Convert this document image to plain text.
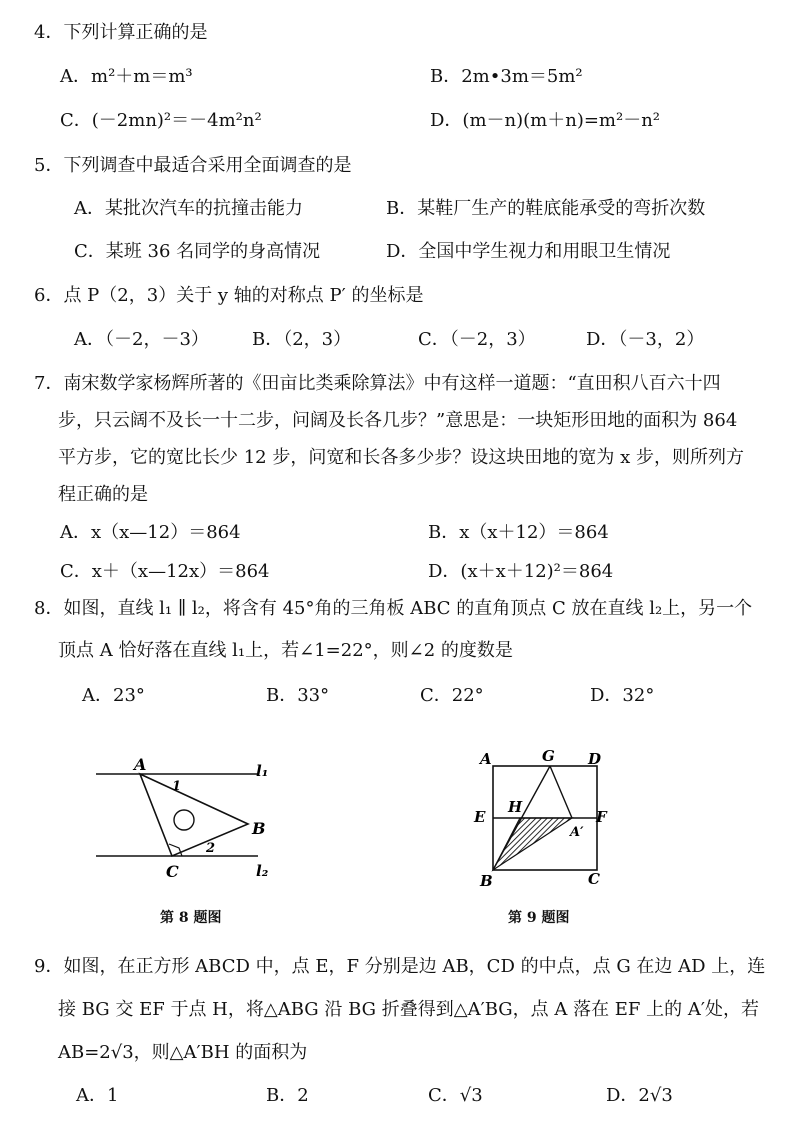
4．下列计算正确的是
A．m²＋m＝m³	B．2m•3m＝5m²
C．(－2mn)²＝－4m²n²	D．(m－n)(m＋n)=m²－n²
5．下列调查中最适合采用全面调查的是
A．某批次汽车的抗撞击能力	B．某鞋厂生产的鞋底能承受的弯折次数
C．某班 36 名同学的身高情况	D．全国中学生视力和用眼卫生情况
6．点 P（2，3）关于 y 轴的对称点 P′ 的坐标是
A．（－2，－3） B．（2，3）	C．（－2，3）	D．（－3，2）
7．南宋数学家杨辉所著的《田亩比类乘除算法》中有这样一道题：“直田积八百六十四
步，只云阔不及长一十二步，问阔及长各几步？”意思是：一块矩形田地的面积为 864
平方步，它的宽比长少 12 步，问宽和长各多少步？设这块田地的宽为 x 步，则所列方
程正确的是
A．x（x—12）＝864	B．x（x＋12）＝864
C．x＋（x—12x）＝864	D．(x＋x＋12)²＝864
8．如图，直线 l₁ ∥ l₂，将含有 45°角的三角板 ABC 的直角顶点 C 放在直线 l₂上，另一个
顶点 A 恰好落在直线 l₁上，若∠1=22°，则∠2 的度数是
A．23°	B．33°	C．22°	D．32°
A
B
C
1
2
l₁
l₂
第 8 题图
A	G D
E
H
F
A′
B	C
第 9 题图
9．如图，在正方形 ABCD 中，点 E，F 分别是边 AB，CD 的中点，点 G 在边 AD 上，连
接 BG 交 EF 于点 H，将△ABG 沿 BG 折叠得到△A′BG，点 A 落在 EF 上的 A′处，若
AB=2√3，则△A′BH 的面积为
A．1	B．2	C．√3	D．2√3
